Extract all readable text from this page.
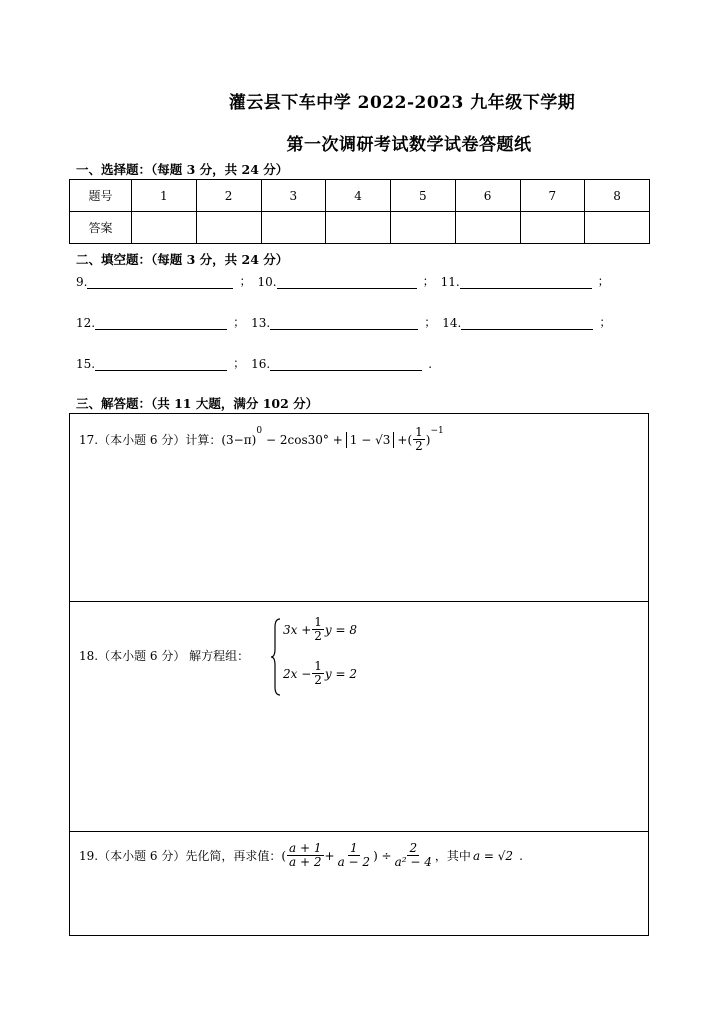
灌云县下车中学 2022-2023 九年级下学期
第一次调研考试数学试卷答题纸
一、选择题：（每题 3 分，共 24 分）
题号	1	2	3	4	5	6	7	8
答案								
二、填空题：（每题 3 分，共 24 分）
9.	； 10.	； 11.	；
12.	； 13.	； 14.	；
15.	； 16.	.
三、解答题：（共 11 大题，满分 102 分）
17.（本小题 6 分）计算： (3−π)
$^0$
− 2cos30° + 1 − √3 +( $\frac{1}{2}$ )
$^{-1}$
18.（本小题 6 分） 解方程组：
$3x + \frac{1}{2}$ y = 8
$2x - \frac{1}{2}$ y = 2
19.（本小题 6 分）先化简，再求值：( $\frac{a + 1}{a + 2} + \frac{1}{a - 2}$ ) ÷ $\frac{2}{\text{a² − 4}}$ ，其中 a = √2 .
